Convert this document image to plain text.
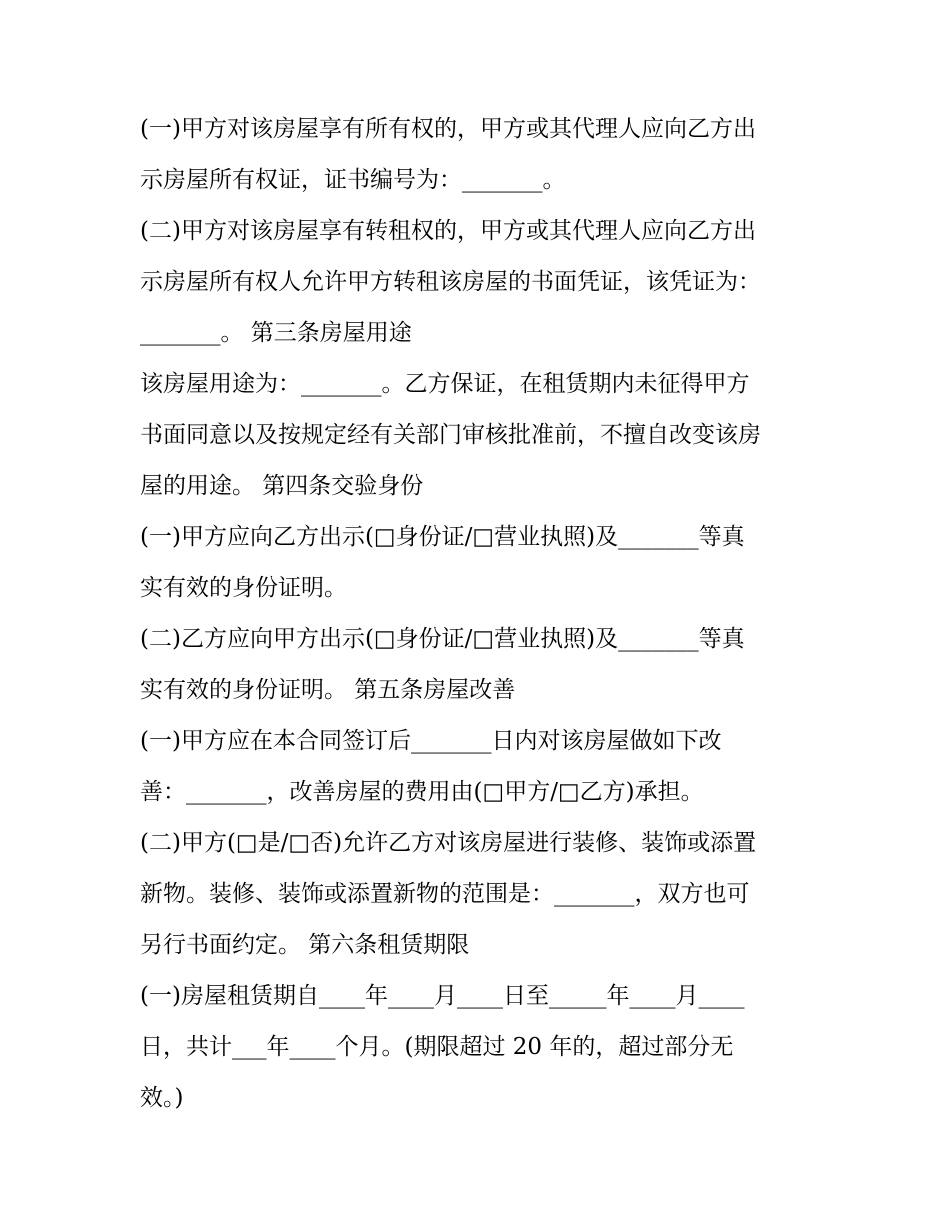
(一)甲方对该房屋享有所有权的，甲方或其代理人应向乙方出
示房屋所有权证，证书编号为：_______。
(二)甲方对该房屋享有转租权的，甲方或其代理人应向乙方出
示房屋所有权人允许甲方转租该房屋的书面凭证，该凭证为：
_______。 第三条房屋用途
该房屋用途为：_______。乙方保证，在租赁期内未征得甲方
书面同意以及按规定经有关部门审核批准前，不擅自改变该房
屋的用途。 第四条交验身份
(一)甲方应向乙方出示(□身份证/□营业执照)及_______等真
实有效的身份证明。
(二)乙方应向甲方出示(□身份证/□营业执照)及_______等真
实有效的身份证明。 第五条房屋改善
(一)甲方应在本合同签订后_______日内对该房屋做如下改
善：_______，改善房屋的费用由(□甲方/□乙方)承担。
(二)甲方(□是/□否)允许乙方对该房屋进行装修、装饰或添置
新物。装修、装饰或添置新物的范围是：_______，双方也可
另行书面约定。 第六条租赁期限
(一)房屋租赁期自____年____月____日至_____年____月____
日，共计___年____个月。(期限超过 20 年的，超过部分无
效。)
